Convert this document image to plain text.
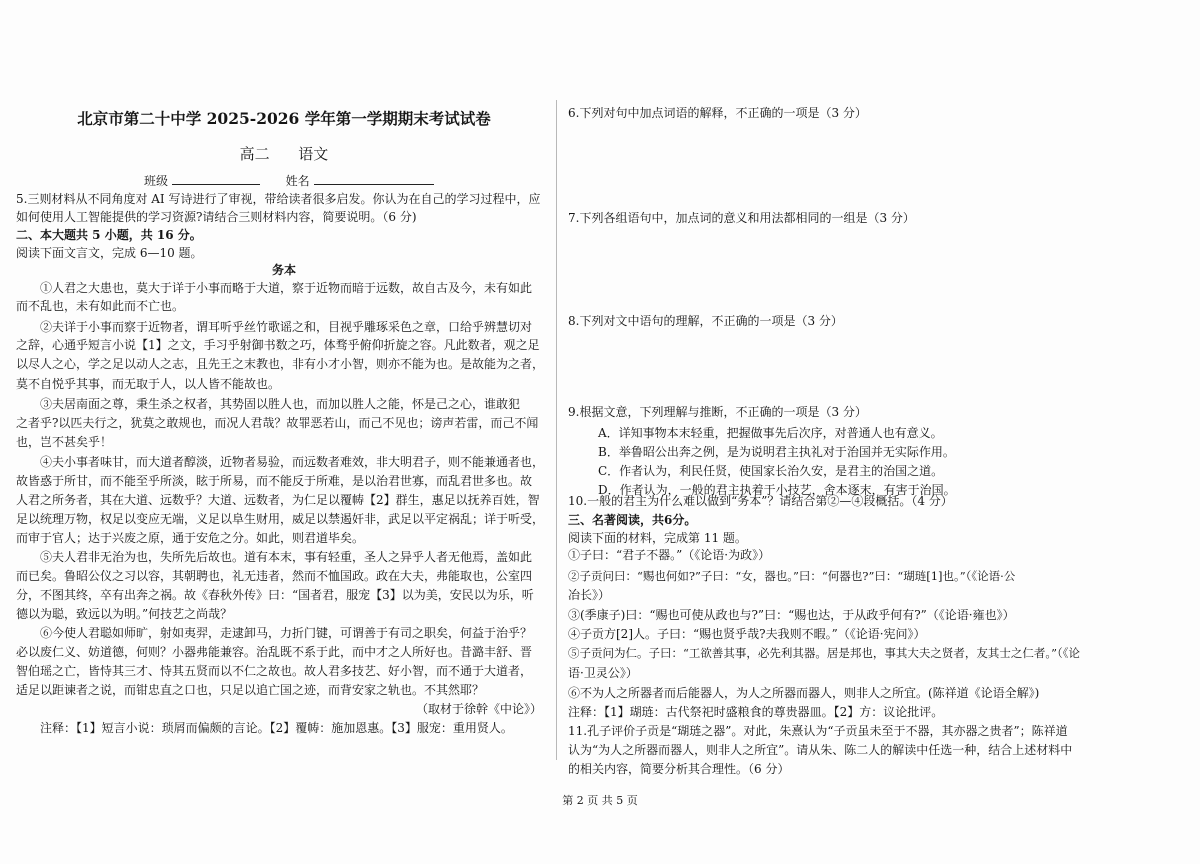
北京市第二十中学 2025-2026 学年第一学期期末考试试卷
高二 语文
班级	姓名
5.三则材料从不同角度对 AI 写诗进行了审视，带给读者很多启发。你认为在自己的学习过程中，应
如何使用人工智能提供的学习资源?请结合三则材料内容，简要说明。（6 分)
二、本大题共 5 小题，共 16 分。
阅读下面文言文，完成 6—10 题。
务本
①人君之大患也，莫大于详于小事而略于大道，察于近物而暗于远数，故自古及今，未有如此
而不乱也，未有如此而不亡也。
②夫详于小事而察于近物者，谓耳听乎丝竹歌谣之和，目视乎雕琢采色之章，口给乎辨慧切对
之辞，心通乎短言小说【1】之文，手习乎射御书数之巧，体骛乎俯仰折旋之容。凡此数者，观之足
以尽人之心，学之足以动人之志，且先王之末教也，非有小才小智，则亦不能为也。是故能为之者，
莫不自悦乎其事，而无取于人，以人皆不能故也。
③夫居南面之尊，秉生杀之权者，其势固以胜人也，而加以胜人之能，怀是己之心，谁敢犯
之者乎?以匹夫行之，犹莫之敢规也，而况人君哉？故罪恶若山，而己不见也；谤声若雷，而己不闻
也，岂不甚矣乎！
④夫小事者味甘，而大道者醇淡，近物者易验，而远数者难效，非大明君子，则不能兼通者也，
故皆惑于所甘，而不能至乎所淡，眩于所易，而不能反于所难，是以治君世寡，而乱君世多也。故
人君之所务者，其在大道、远数乎？大道、远数者，为仁足以覆帱【2】群生，惠足以抚养百姓，智
足以统理万物，权足以变应无端，义足以阜生财用，威足以禁遏奸非，武足以平定祸乱；详于听受，
而审于官人；达于兴废之原，通于安危之分。如此，则君道毕矣。
⑤夫人君非无治为也，失所先后故也。道有本末，事有轻重，圣人之异乎人者无他焉，盖如此
而已矣。鲁昭公仪之习以容，其朝聘也，礼无违者，然而不恤国政。政在大夫，弗能取也，公室四
分，不图其终，卒有出奔之祸。故《春秋外传》曰：“国者君，服宠【3】以为美，安民以为乐，听
德以为聪，致远以为明。”何技艺之尚哉？
⑥今使人君聪如师旷，射如夷羿，走逮卸马，力折门键，可谓善于有司之职矣，何益于治乎？
必以废仁义、妨道德，何则？小器弗能兼容。治乱既不系于此，而中才之人所好也。昔潞丰舒、晋
智伯瑶之亡，皆恃其三才、恃其五贤而以不仁之故也。故人君多技艺、好小智，而不通于大道者，
适足以距谏者之说，而钳忠直之口也，只足以追亡国之迹，而背安家之轨也。不其然耶？
（取材于徐幹《中论》）
注释：【1】短言小说：琐屑而偏颇的言论。【2】覆帱：施加恩惠。【3】服宠：重用贤人。
6.下列对句中加点词语的解释，不正确的一项是（3 分）
7.下列各组语句中，加点词的意义和用法都相同的一组是（3 分）
8.下列对文中语句的理解，不正确的一项是（3 分）
9.根据文意，下列理解与推断，不正确的一项是（3 分）
A．详知事物本末轻重，把握做事先后次序，对普通人也有意义。
B．举鲁昭公出奔之例，是为说明君主执礼对于治国并无实际作用。
C．作者认为，利民任贤，使国家长治久安，是君主的治国之道。
D．作者认为，一般的君主执着于小技艺，舍本逐末，有害于治国。
10.一般的君主为什么难以做到“务本”？请结合第②—④段概括。（4 分）
三、名著阅读，共6分。
阅读下面的材料，完成第 11 题。
①子曰：“君子不器。”（《论语·为政》）
②子贡问曰：“赐也何如?”子曰：“女，器也。”曰：“何器也?”曰：“瑚琏[1]也。”（《论语·公
冶长》）
③(季康子)曰：“赐也可使从政也与?”曰：“赐也达，于从政乎何有?”（《论语·雍也》）
④子贡方[2]人。子曰：“赐也贤乎哉?夫我则不暇。”（《论语·宪问》）
⑤子贡问为仁。子曰：“工欲善其事，必先利其器。居是邦也，事其大夫之贤者，友其士之仁者。”（《论
语·卫灵公》）
⑥不为人之所器者而后能器人，为人之所器而器人，则非人之所宜。(陈祥道《论语全解》)
注释：【1】瑚琏：古代祭祀时盛粮食的尊贵器皿。【2】方：议论批评。
11.孔子评价子贡是“瑚琏之器”。对此，朱熹认为“子贡虽未至于不器，其亦器之贵者”；陈祥道
认为“为人之所器而器人，则非人之所宜”。请从朱、陈二人的解读中任选一种，结合上述材料中
的相关内容，简要分析其合理性。（6 分）
第 2 页 共 5 页
